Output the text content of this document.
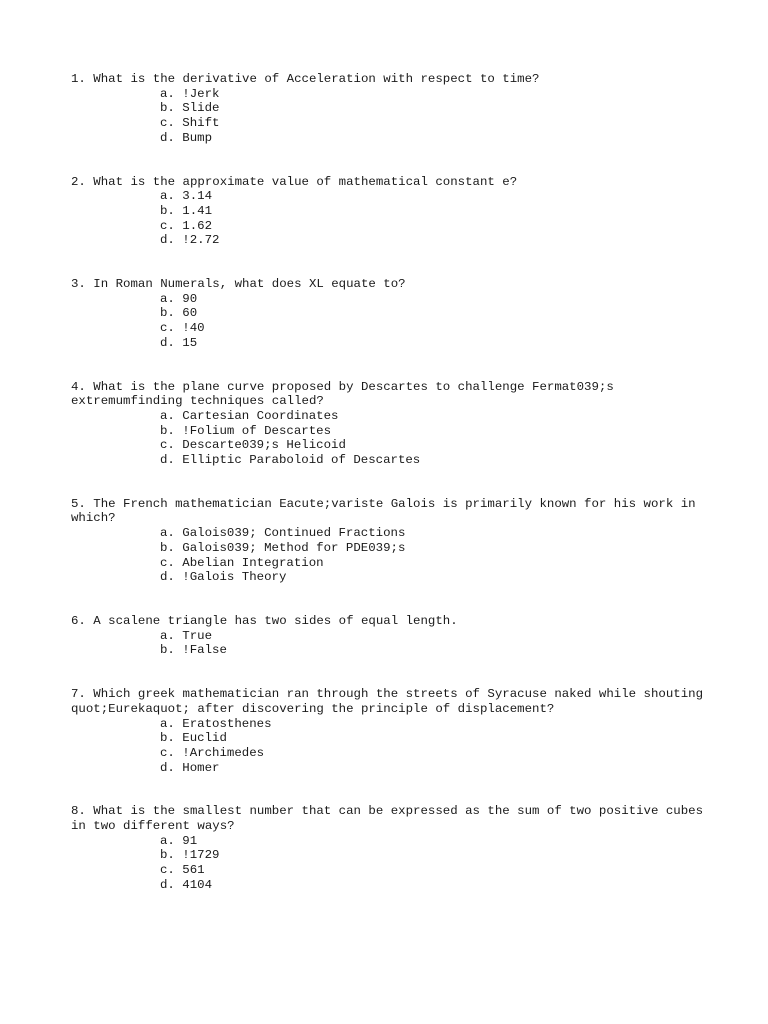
1. What is the derivative of Acceleration with respect to time?

a. !Jerk
b. Slide
c. Shift
d. Bump

2. What is the approximate value of mathematical constant e?

a. 3.14
b. 1.41
c. 1.62
d. !2.72

3. In Roman Numerals, what does XL equate to?

a. 90
b. 60
c. !40
d. 15

4. What is the plane curve proposed by Descartes to challenge Fermat039;s extremumfinding techniques called?

a. Cartesian Coordinates
b. !Folium of Descartes
c. Descarte039;s Helicoid
d. Elliptic Paraboloid of Descartes

5. The French mathematician Eacute;variste Galois is primarily known for his work in which?

a. Galois039; Continued Fractions
b. Galois039; Method for PDE039;s
c. Abelian Integration
d. !Galois Theory

6. A scalene triangle has two sides of equal length.

a. True
b. !False

7. Which greek mathematician ran through the streets of Syracuse naked while shouting quot;Eurekaquot; after discovering the principle of displacement?

a. Eratosthenes
b. Euclid
c. !Archimedes
d. Homer

8. What is the smallest number that can be expressed as the sum of two positive cubes in two different ways?

a. 91
b. !1729
c. 561
d. 4104
